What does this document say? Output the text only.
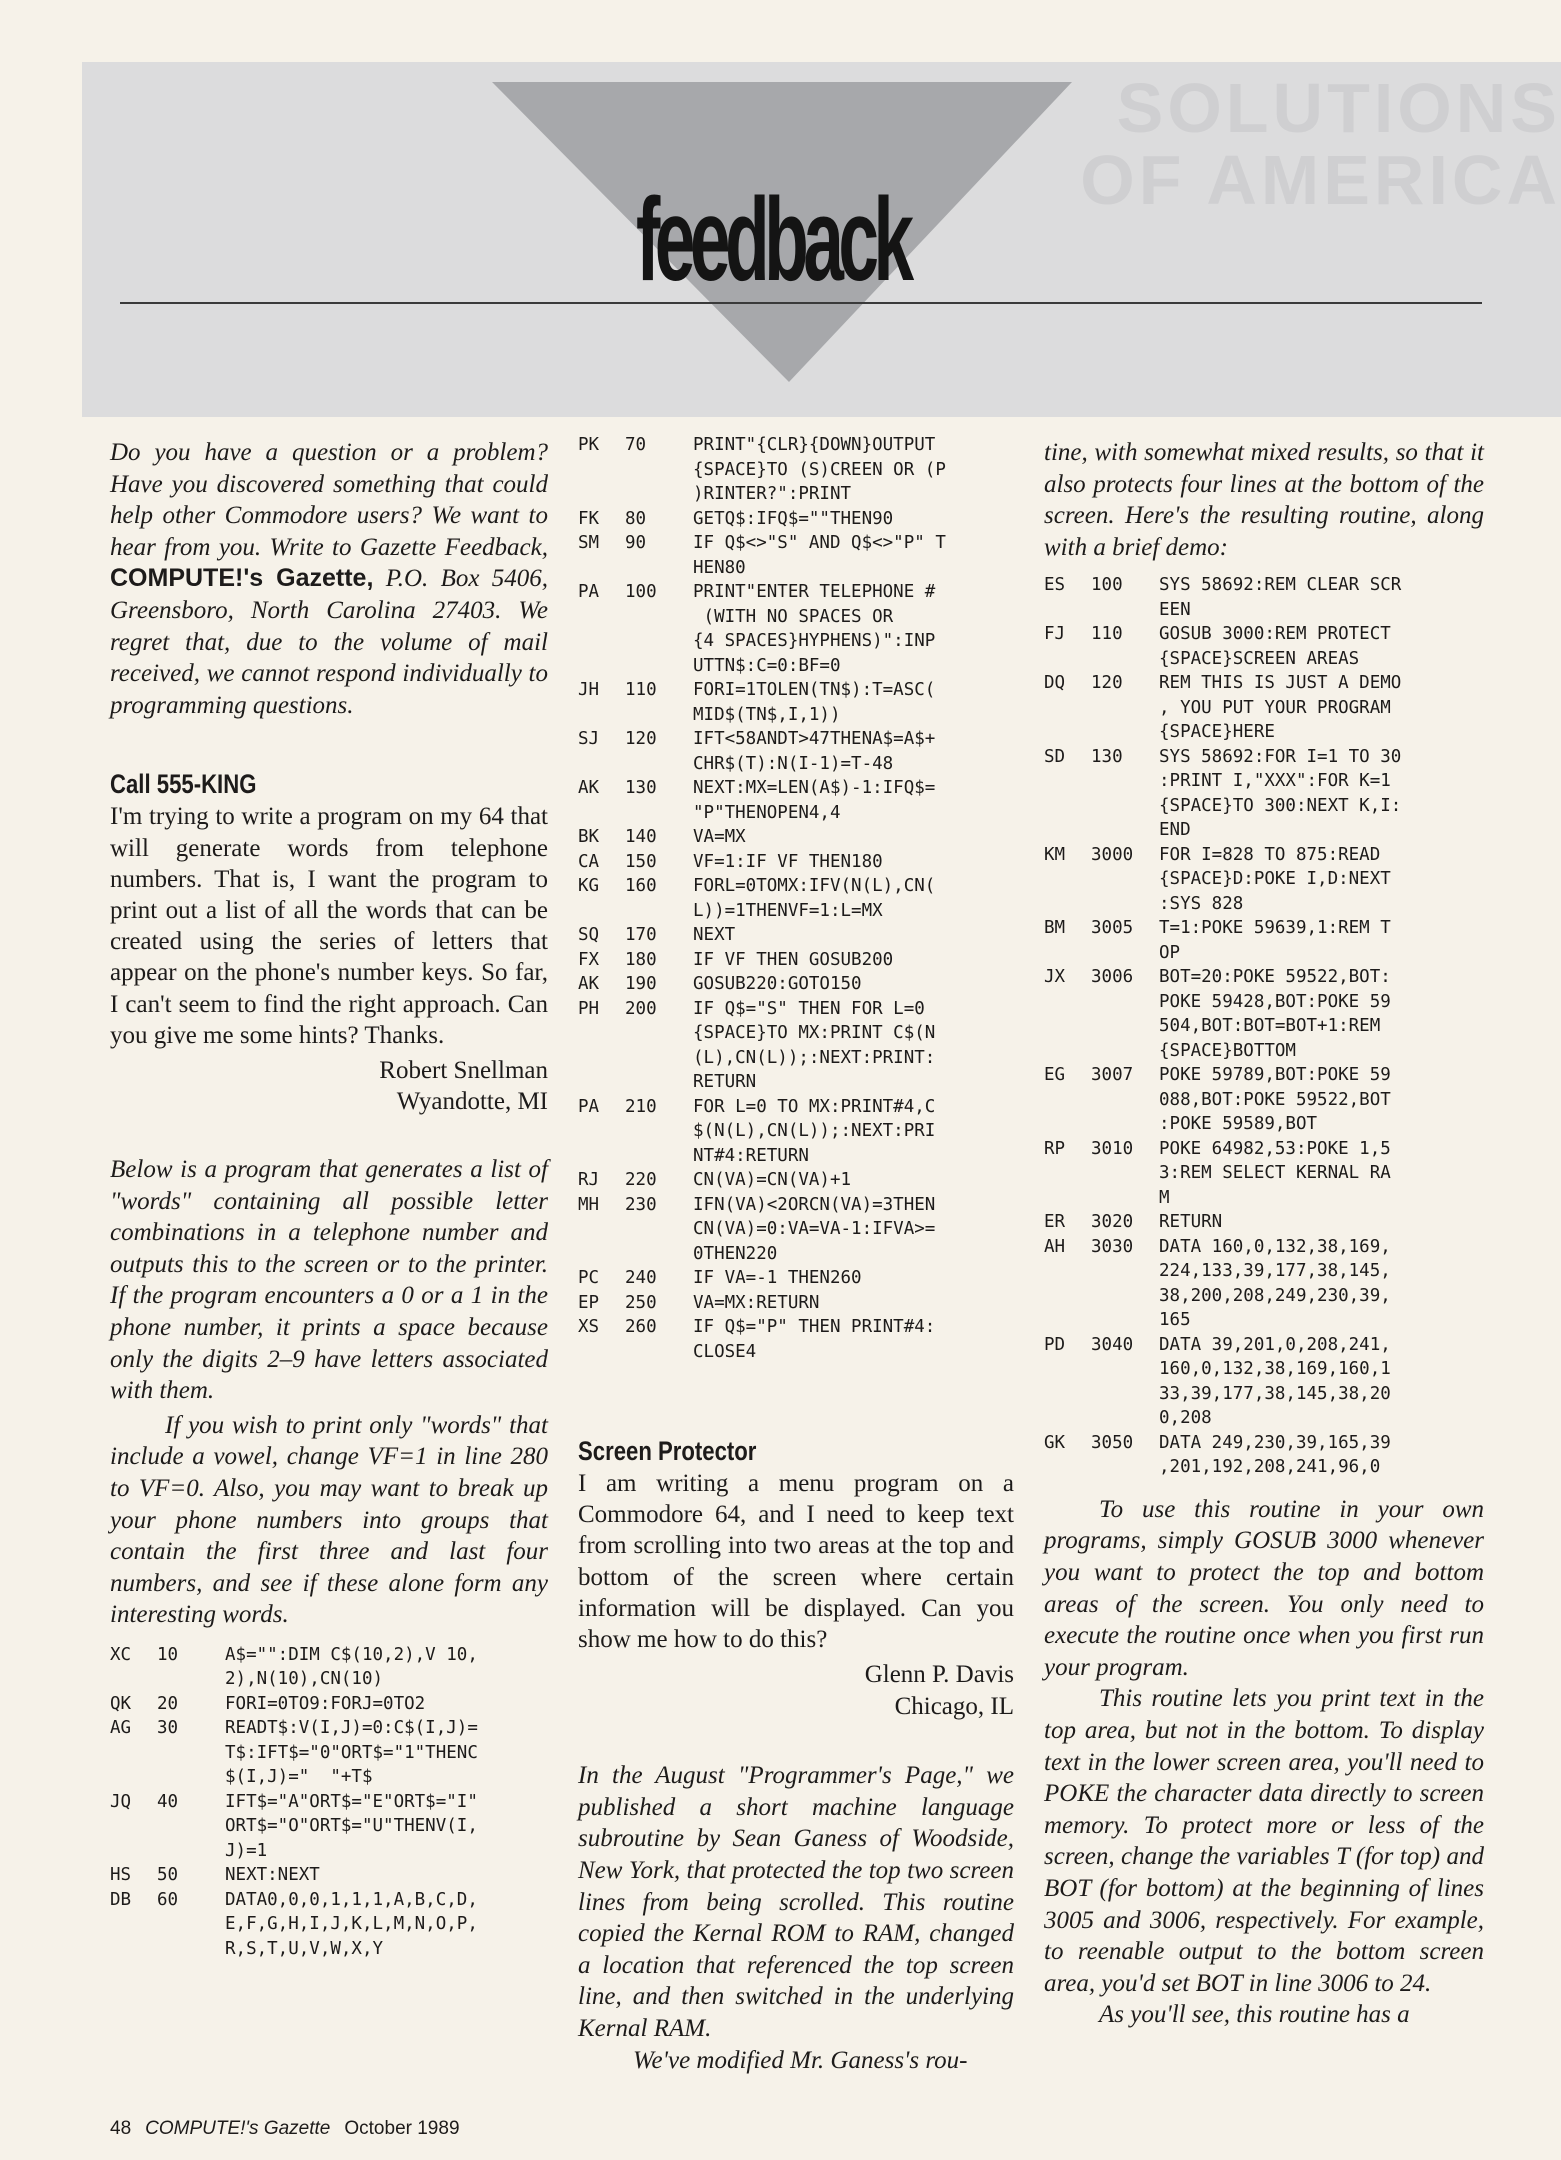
SOLUTIONS
OF AMERICA
feedback

Do you have a question or a problem? Have you discovered something that could help other Commodore users? We want to hear from you. Write to Gazette Feedback, COMPUTE!'s Gazette, P.O. Box 5406, Greensboro, North Carolina 27403. We regret that, due to the volume of mail received, we cannot respond individually to programming questions.

Call 555-KING

I'm trying to write a program on my 64 that will generate words from telephone numbers. That is, I want the program to print out a list of all the words that can be created using the series of letters that appear on the phone's number keys. So far, I can't seem to find the right approach. Can you give me some hints? Thanks.

Robert Snellman

Wyandotte, MI

Below is a program that generates a list of "words" containing all possible letter combinations in a telephone number and outputs this to the screen or to the printer. If the program encounters a 0 or a 1 in the phone number, it prints a space because only the digits 2–9 have letters associated with them.

If you wish to print only "words" that include a vowel, change VF=1 in line 280 to VF=0. Also, you may want to break up your phone numbers into groups that contain the first three and last four numbers, and see if these alone form any interesting words.

XC	10	A$="":DIM C$(10,2),V 10,
2),N(10),CN(10)
QK	20	FORI=0TO9:FORJ=0TO2
AG	30	READT$:V(I,J)=0:C$(I,J)=
T$:IFT$="0"ORT$="1"THENC
$(I,J)="  "+T$
JQ	40	IFT$="A"ORT$="E"ORT$="I"
ORT$="O"ORT$="U"THENV(I,
J)=1
HS	50	NEXT:NEXT
DB	60	DATA0,0,0,1,1,1,A,B,C,D,
E,F,G,H,I,J,K,L,M,N,O,P,
R,S,T,U,V,W,X,Y
PK	70	PRINT"{CLR}{DOWN}OUTPUT
{SPACE}TO (S)CREEN OR (P
)RINTER?":PRINT
FK	80	GETQ$:IFQ$=""THEN90
SM	90	IF Q$<>"S" AND Q$<>"P" T
HEN80
PA	100	PRINT"ENTER TELEPHONE #
(WITH NO SPACES OR
{4 SPACES}HYPHENS)":INP
UTTN$:C=0:BF=0
JH	110	FORI=1TOLEN(TN$):T=ASC(
MID$(TN$,I,1))
SJ	120	IFT<58ANDT>47THENA$=A$+
CHR$(T):N(I-1)=T-48
AK	130	NEXT:MX=LEN(A$)-1:IFQ$=
"P"THENOPEN4,4
BK	140	VA=MX
CA	150	VF=1:IF VF THEN180
KG	160	FORL=0TOMX:IFV(N(L),CN(
L))=1THENVF=1:L=MX
SQ	170	NEXT
FX	180	IF VF THEN GOSUB200
AK	190	GOSUB220:GOTO150
PH	200	IF Q$="S" THEN FOR L=0
{SPACE}TO MX:PRINT C$(N
(L),CN(L));:NEXT:PRINT:
RETURN
PA	210	FOR L=0 TO MX:PRINT#4,C
$(N(L),CN(L));:NEXT:PRI
NT#4:RETURN
RJ	220	CN(VA)=CN(VA)+1
MH	230	IFN(VA)<2ORCN(VA)=3THEN
CN(VA)=0:VA=VA-1:IFVA>=
0THEN220
PC	240	IF VA=-1 THEN260
EP	250	VA=MX:RETURN
XS	260	IF Q$="P" THEN PRINT#4:
CLOSE4
Screen Protector

I am writing a menu program on a Commodore 64, and I need to keep text from scrolling into two areas at the top and bottom of the screen where certain information will be displayed. Can you show me how to do this?

Glenn P. Davis

Chicago, IL

In the August "Programmer's Page," we published a short machine language subroutine by Sean Ganess of Woodside, New York, that protected the top two screen lines from being scrolled. This routine copied the Kernal ROM to RAM, changed a location that referenced the top screen line, and then switched in the underlying Kernal RAM.

We've modified Mr. Ganess's rou-

tine, with somewhat mixed results, so that it also protects four lines at the bottom of the screen. Here's the resulting routine, along with a brief demo:

ES	100	SYS 58692:REM CLEAR SCR
EEN
FJ	110	GOSUB 3000:REM PROTECT
{SPACE}SCREEN AREAS
DQ	120	REM THIS IS JUST A DEMO
, YOU PUT YOUR PROGRAM
{SPACE}HERE
SD	130	SYS 58692:FOR I=1 TO 30
:PRINT I,"XXX":FOR K=1
{SPACE}TO 300:NEXT K,I:
END
KM	3000	FOR I=828 TO 875:READ
{SPACE}D:POKE I,D:NEXT
:SYS 828
BM	3005	T=1:POKE 59639,1:REM T
OP
JX	3006	BOT=20:POKE 59522,BOT:
POKE 59428,BOT:POKE 59
504,BOT:BOT=BOT+1:REM
{SPACE}BOTTOM
EG	3007	POKE 59789,BOT:POKE 59
088,BOT:POKE 59522,BOT
:POKE 59589,BOT
RP	3010	POKE 64982,53:POKE 1,5
3:REM SELECT KERNAL RA
M
ER	3020	RETURN
AH	3030	DATA 160,0,132,38,169,
224,133,39,177,38,145,
38,200,208,249,230,39,
165
PD	3040	DATA 39,201,0,208,241,
160,0,132,38,169,160,1
33,39,177,38,145,38,20
0,208
GK	3050	DATA 249,230,39,165,39
,201,192,208,241,96,0

To use this routine in your own programs, simply GOSUB 3000 whenever you want to protect the top and bottom areas of the screen. You only need to execute the routine once when you first run your program.

This routine lets you print text in the top area, but not in the bottom. To display text in the lower screen area, you'll need to POKE the character data directly to screen memory. To protect more or less of the screen, change the variables T (for top) and BOT (for bottom) at the beginning of lines 3005 and 3006, respectively. For example, to reenable output to the bottom screen area, you'd set BOT in line 3006 to 24.

As you'll see, this routine has a

48 COMPUTE!'s Gazette October 1989
